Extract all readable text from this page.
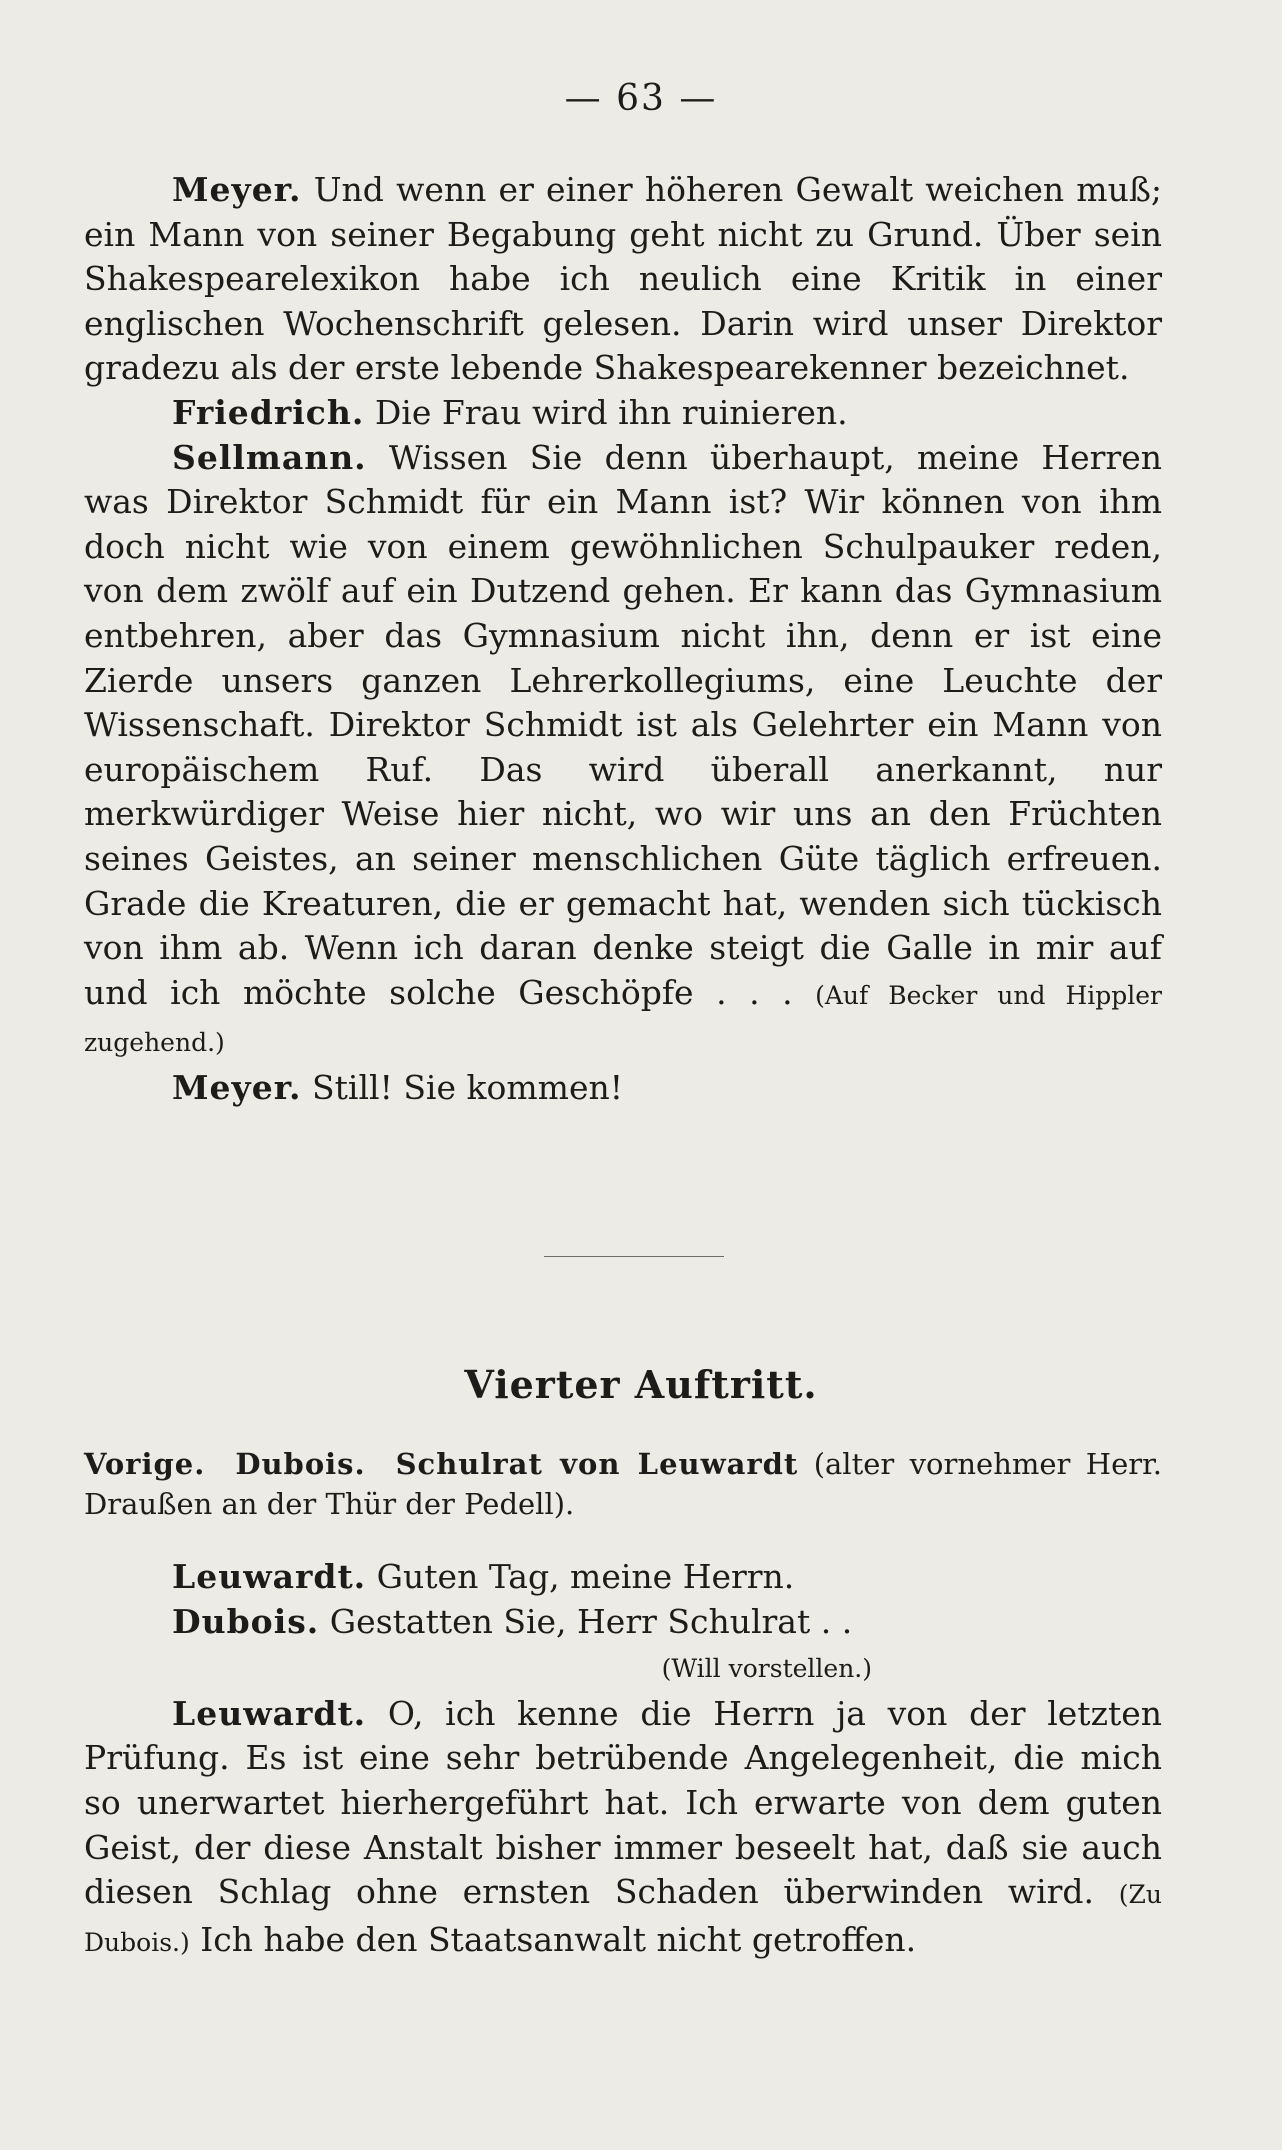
— 63 —

Meyer. Und wenn er einer höheren Gewalt weichen muß; ein Mann von seiner Begabung geht nicht zu Grund. Über sein Shakespearelexikon habe ich neulich eine Kritik in einer englischen Wochenschrift gelesen. Darin wird unser Direktor gradezu als der erste lebende Shakespearekenner bezeichnet.

Friedrich. Die Frau wird ihn ruinieren.

Sellmann. Wissen Sie denn überhaupt, meine Herren was Direktor Schmidt für ein Mann ist? Wir können von ihm doch nicht wie von einem gewöhnlichen Schulpauker reden, von dem zwölf auf ein Dutzend gehen. Er kann das Gymnasium entbehren, aber das Gymnasium nicht ihn, denn er ist eine Zierde unsers ganzen Lehrerkollegiums, eine Leuchte der Wissenschaft. Direktor Schmidt ist als Gelehrter ein Mann von europäischem Ruf. Das wird überall anerkannt, nur merkwürdiger Weise hier nicht, wo wir uns an den Früchten seines Geistes, an seiner menschlichen Güte täglich erfreuen. Grade die Kreaturen, die er gemacht hat, wenden sich tückisch von ihm ab. Wenn ich daran denke steigt die Galle in mir auf und ich möchte solche Geschöpfe . . . (Auf Becker und Hippler zugehend.)

Meyer. Still! Sie kommen!

Vierter Auftritt.
Vorige. Dubois. Schulrat von Leuwardt (alter vornehmer Herr. Draußen an der Thür der Pedell).

Leuwardt. Guten Tag, meine Herrn.

Dubois. Gestatten Sie, Herr Schulrat . .

(Will vorstellen.)

Leuwardt. O, ich kenne die Herrn ja von der letzten Prüfung. Es ist eine sehr betrübende Angelegenheit, die mich so unerwartet hierhergeführt hat. Ich erwarte von dem guten Geist, der diese Anstalt bisher immer beseelt hat, daß sie auch diesen Schlag ohne ernsten Schaden überwinden wird. (Zu Dubois.) Ich habe den Staatsanwalt nicht getroffen.
